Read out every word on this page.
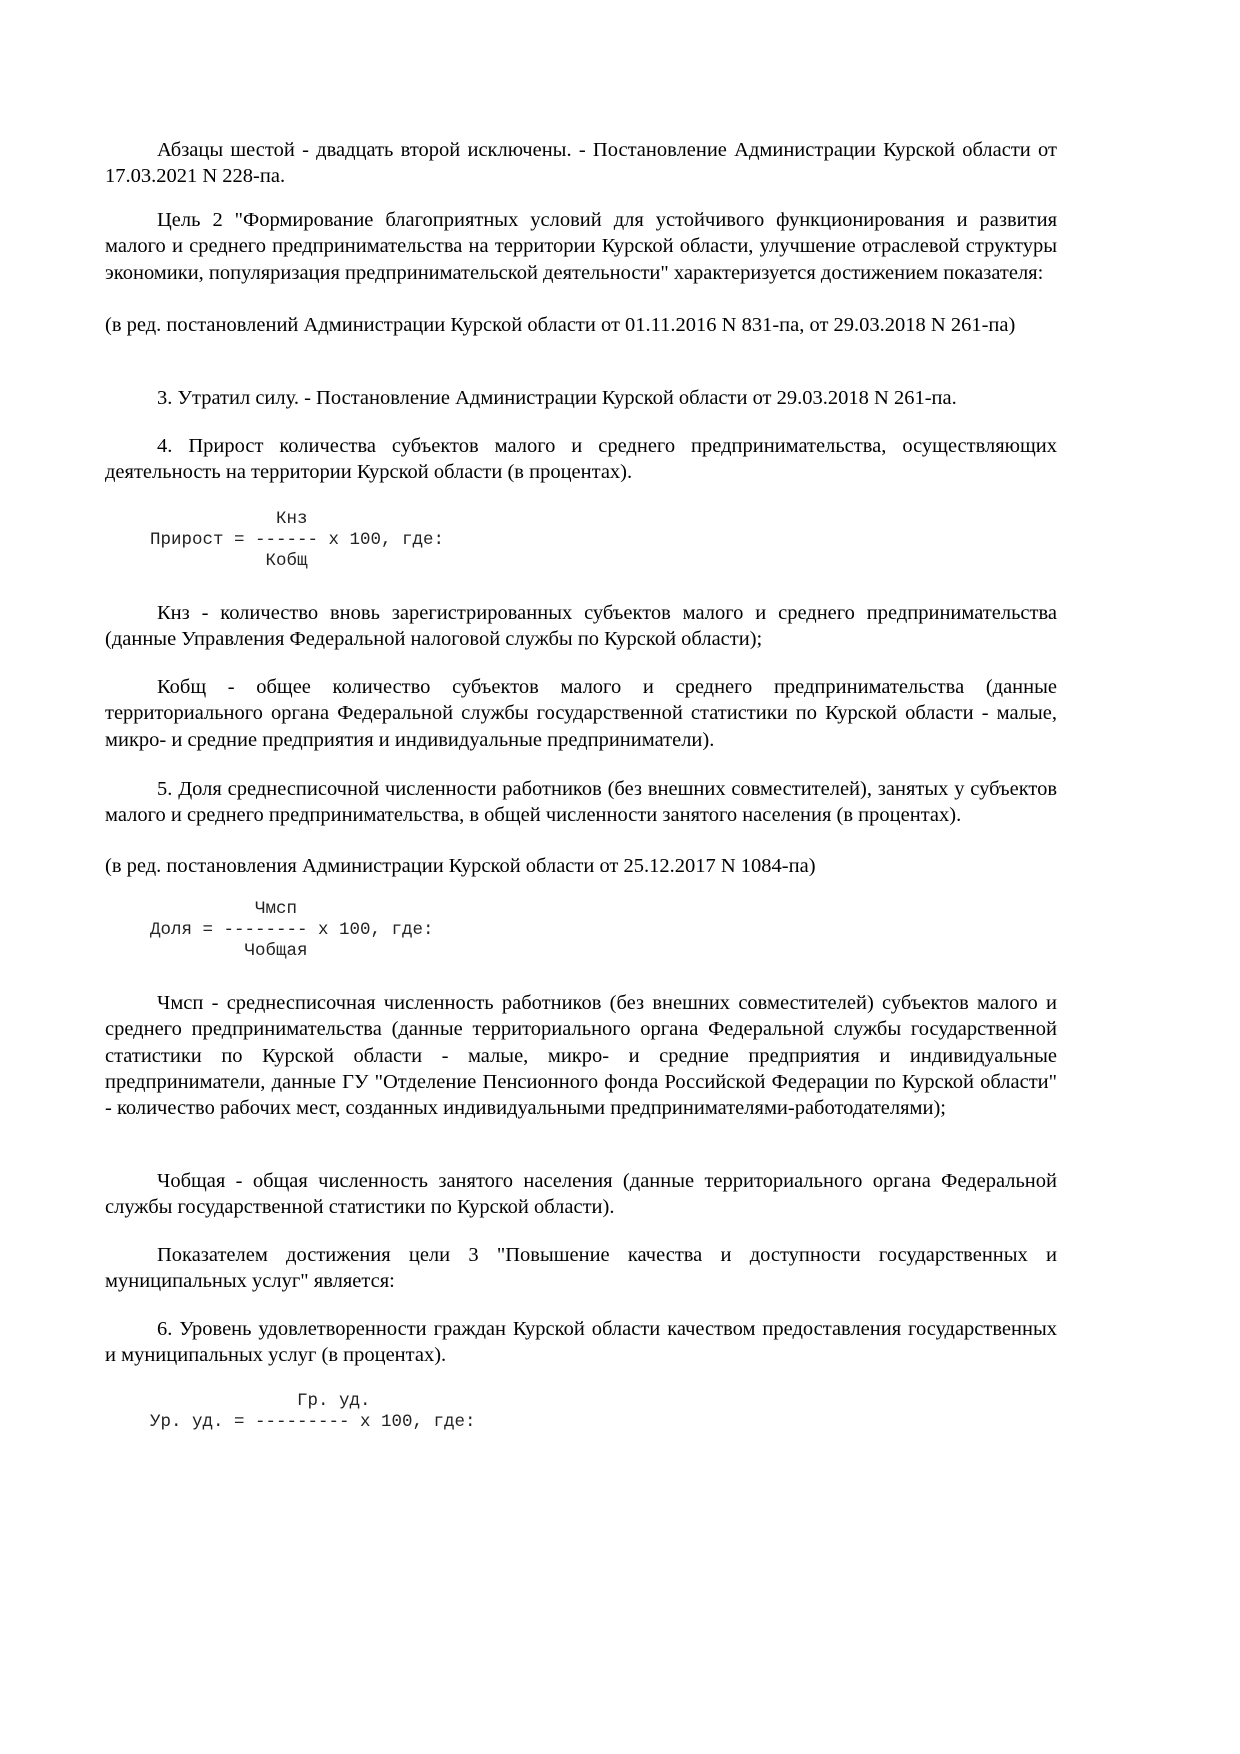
Абзацы шестой - двадцать второй исключены. - Постановление Администрации Курской области от 17.03.2021 N 228-па.
Цель 2 "Формирование благоприятных условий для устойчивого функционирования и развития малого и среднего предпринимательства на территории Курской области, улучшение отраслевой структуры экономики, популяризация предпринимательской деятельности" характеризуется достижением показателя:
(в ред. постановлений Администрации Курской области от 01.11.2016 N 831-па, от 29.03.2018 N 261-па)
3. Утратил силу. - Постановление Администрации Курской области от 29.03.2018 N 261-па.
4. Прирост количества субъектов малого и среднего предпринимательства, осуществляющих деятельность на территории Курской области (в процентах).
Кнз
Прирост = ------ x 100, где:
Кобщ
Кнз - количество вновь зарегистрированных субъектов малого и среднего предпринимательства (данные Управления Федеральной налоговой службы по Курской области);
Кобщ - общее количество субъектов малого и среднего предпринимательства (данные территориального органа Федеральной службы государственной статистики по Курской области - малые, микро- и средние предприятия и индивидуальные предприниматели).
5. Доля среднесписочной численности работников (без внешних совместителей), занятых у субъектов малого и среднего предпринимательства, в общей численности занятого населения (в процентах).
(в ред. постановления Администрации Курской области от 25.12.2017 N 1084-па)
Чмсп
Доля = -------- x 100, где:
Чобщая
Чмсп - среднесписочная численность работников (без внешних совместителей) субъектов малого и среднего предпринимательства (данные территориального органа Федеральной службы государственной статистики по Курской области - малые, микро- и средние предприятия и индивидуальные предприниматели, данные ГУ "Отделение Пенсионного фонда Российской Федерации по Курской области" - количество рабочих мест, созданных индивидуальными предпринимателями-работодателями);
Чобщая - общая численность занятого населения (данные территориального органа Федеральной службы государственной статистики по Курской области).
Показателем достижения цели 3 "Повышение качества и доступности государственных и муниципальных услуг" является:
6. Уровень удовлетворенности граждан Курской области качеством предоставления государственных и муниципальных услуг (в процентах).
Гр. уд.
Ур. уд. = --------- x 100, где:
